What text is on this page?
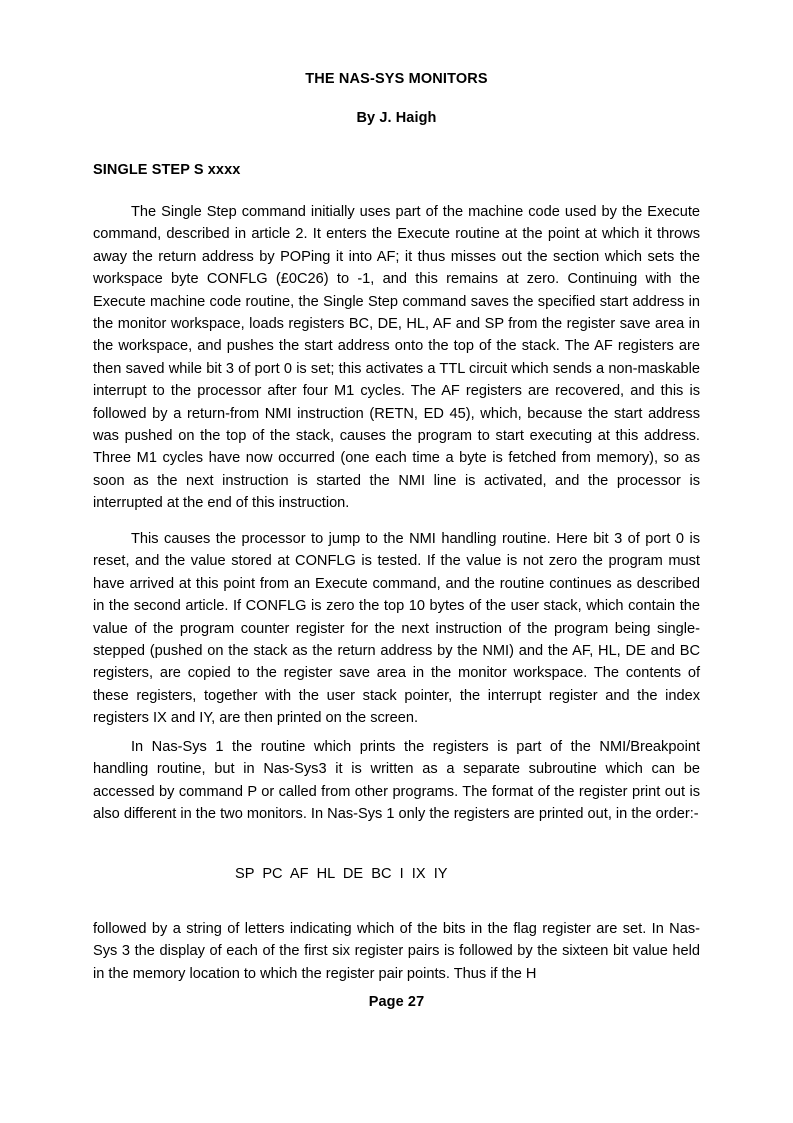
THE NAS-SYS MONITORS
By J. Haigh
SINGLE STEP S xxxx

The Single Step command initially uses part of the machine code used by the Execute command, described in article 2. It enters the Execute routine at the point at which it throws away the return address by POPing it into AF; it thus misses out the section which sets the workspace byte CONFLG (£0C26) to -1, and this remains at zero. Continuing with the Execute machine code routine, the Single Step command saves the specified start address in the monitor workspace, loads registers BC, DE, HL, AF and SP from the register save area in the workspace, and pushes the start address onto the top of the stack. The AF registers are then saved while bit 3 of port 0 is set; this activates a TTL circuit which sends a non-maskable interrupt to the processor after four M1 cycles. The AF registers are recovered, and this is followed by a return-from NMI instruction (RETN, ED 45), which, because the start address was pushed on the top of the stack, causes the program to start executing at this address. Three M1 cycles have now occurred (one each time a byte is fetched from memory), so as soon as the next instruction is started the NMI line is activated, and the processor is interrupted at the end of this instruction.

This causes the processor to jump to the NMI handling routine. Here bit 3 of port 0 is reset, and the value stored at CONFLG is tested. If the value is not zero the program must have arrived at this point from an Execute command, and the routine continues as described in the second article. If CONFLG is zero the top 10 bytes of the user stack, which contain the value of the program counter register for the next instruction of the program being single-stepped (pushed on the stack as the return address by the NMI) and the AF, HL, DE and BC registers, are copied to the register save area in the monitor workspace. The contents of these registers, together with the user stack pointer, the interrupt register and the index registers IX and IY, are then printed on the screen.

In Nas-Sys 1 the routine which prints the registers is part of the NMI/Breakpoint handling routine, but in Nas-Sys3 it is written as a separate subroutine which can be accessed by command P or called from other programs. The format of the register print out is also different in the two monitors. In Nas-Sys 1 only the registers are printed out, in the order:-

SP  PC  AF  HL  DE  BC  I  IX  IY

followed by a string of letters indicating which of the bits in the flag register are set. In Nas-Sys 3 the display of each of the first six register pairs is followed by the sixteen bit value held in the memory location to which the register pair points. Thus if the H

Page 27
